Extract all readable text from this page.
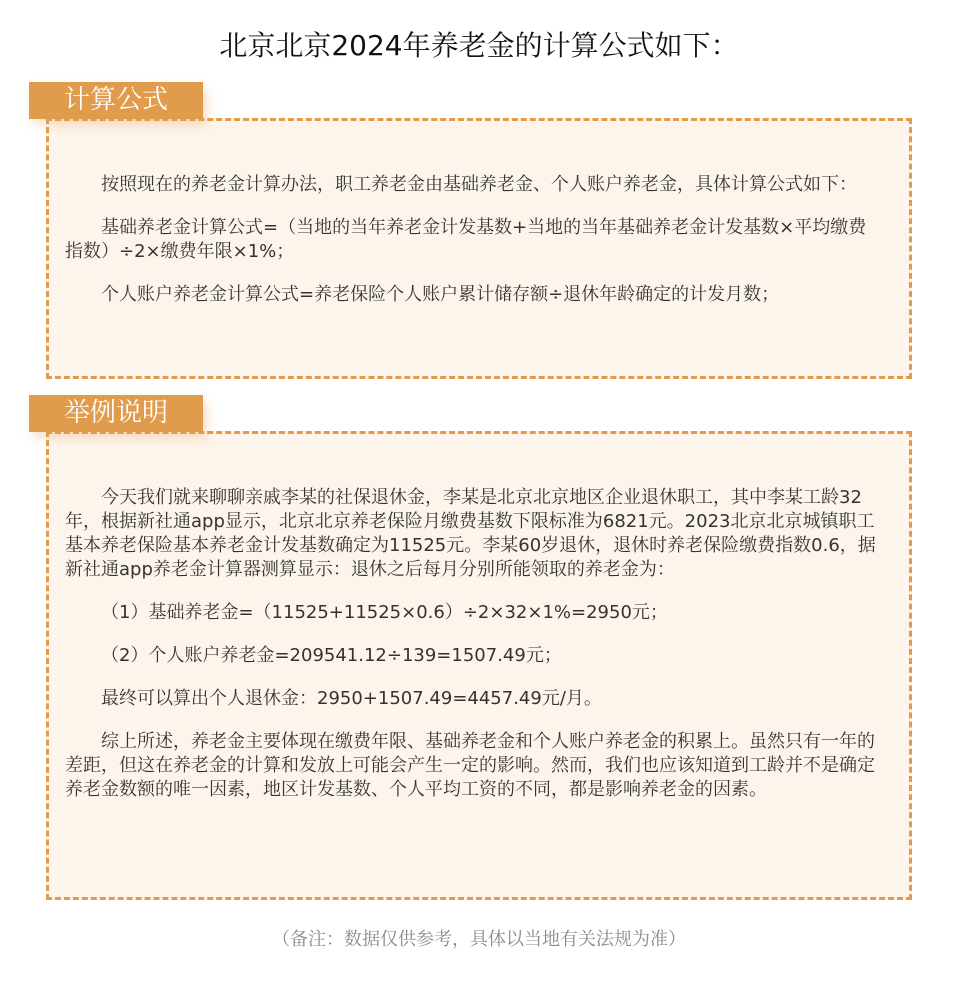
北京北京2024年养老金的计算公式如下：
计算公式

按照现在的养老金计算办法，职工养老金由基础养老金、个人账户养老金，具体计算公式如下：

基础养老金计算公式=（当地的当年养老金计发基数+当地的当年基础养老金计发基数×平均缴费指数）÷2×缴费年限×1%；

个人账户养老金计算公式=养老保险个人账户累计储存额÷退休年龄确定的计发月数；

举例说明

今天我们就来聊聊亲戚李某的社保退休金，李某是北京北京地区企业退休职工，其中李某工龄32年，根据新社通app显示，北京北京养老保险月缴费基数下限标准为6821元。2023北京北京城镇职工基本养老保险基本养老金计发基数确定为11525元。李某60岁退休，退休时养老保险缴费指数0.6，据新社通app养老金计算器测算显示：退休之后每月分别所能领取的养老金为：

（1）基础养老金=（11525+11525×0.6）÷2×32×1%=2950元；

（2）个人账户养老金=209541.12÷139=1507.49元；

最终可以算出个人退休金：2950+1507.49=4457.49元/月。

综上所述，养老金主要体现在缴费年限、基础养老金和个人账户养老金的积累上。虽然只有一年的差距，但这在养老金的计算和发放上可能会产生一定的影响。然而，我们也应该知道到工龄并不是确定养老金数额的唯一因素，地区计发基数、个人平均工资的不同，都是影响养老金的因素。

（备注：数据仅供参考，具体以当地有关法规为准）
